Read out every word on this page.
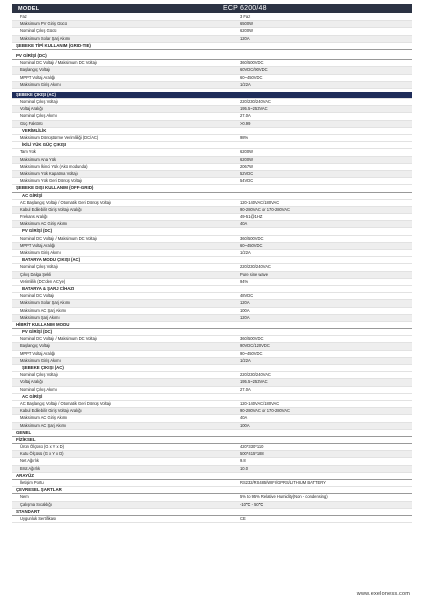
MODEL	ECP 6200/48
Faz	3 Faz
Maksimum PV Giriş Gücü	6500W
Nominal Çıkış Gücü	6200W
Maksimum Solar Şarj Akımı	120A
ŞEBEKE TİPİ KULLANIM (GRID-TIE)
PV GİRİŞİ (DC)
Nominal DC Voltajı / Maksimum DC Voltajı	360/500VDC
Başlangıç Voltajı	60VDC/90VDC
MPPT Voltaj Aralığı	60~450VDC
Maksimum Giriş Akımı	1/22A
ŞEBEKE ÇIKIŞI (AC)
Nominal Çıkış Voltajı	220/230/240VAC
Voltaj Aralığı	195.5~253VAC
Nominal Çıkış Akımı	27.0A
Güç Faktörü	>0.99
VERİMLİLİK
Maksimum Dönüştürme Verimliliği (DC/AC)	98%
İKİLİ YÜK GÜÇ ÇIKIŞI
Tam Yük	6200W
Maksimum Ana Yük	6200W
Maksimum İkinci Yük (Akü modunda)	2067W
Maksimum Yük Kapatma Voltajı	52VDC
Maksimum Yük Geri Dönüş Voltajı	54VDC
ŞEBEKE DIŞI KULLANIM (OFF-GRID)
AC GİRİŞİ
AC Başlangıç Voltajı / Otomatik Geri Dönüş Voltajı	120-140VAC/180VAC
Kabul Edilebilir Giriş Voltajı Aralığı	90-280VAC or 170-280VAC
Frekans Aralığı	49-51@1HZ
Maksimum AC Giriş Akımı	40A
PV GİRİŞİ (DC)
Nominal DC Voltajı / Maksimum DC Voltajı	360/500VDC
MPPT Voltaj Aralığı	60~450VDC
Maksimum Giriş Akımı	1/22A
BATARYA MODU ÇIKIŞI (AC)
Nominal Çıkış Voltajı	220/230/240VAC
Çıkış Dalga Şekli	Pure sine wave
Verimlilik (DC'den AC'ye)	94%
BATARYA & ŞARJ CİHAZI
Nominal DC Voltajı	48VDC
Maksimum Solar Şarj Akımı	120A
Maksimum AC Şarj Akımı	100A
Maksimum Şarj Akımı	120A
HİBRİT KULLANIM MODU
PV GİRİŞİ (DC)
Nominal DC Voltajı / Maksimum DC Voltajı	360/500VDC
Başlangıç Voltajı	90VDC/120VDC
MPPT Voltaj Aralığı	90~450VDC
Maksimum Giriş Akımı	1/22A
ŞEBEKE ÇIKIŞI (AC)
Nominal Çıkış Voltajı	220/230/240VAC
Voltaj Aralığı	195.5~253VAC
Nominal Çıkış Akımı	27.0A
AC GİRİŞİ
AC Başlangıç Voltajı / Otomatik Geri Dönüş Voltajı	120-140VAC/180VAC
Kabul Edilebilir Giriş Voltajı Aralığı	90-280VAC or 170-280VAC
Maksimum AC Giriş Akımı	40A
Maksimum AC Şarj Akımı	100A
GENEL
FİZİKSEL
Ürün Ölçüsü (G x Y x D)	420*330*110
Kutu Ölçüsü (G x Y x D)	500*415*188
Net Ağırlık	9.8
Brüt Ağırlık	10.0
ARAYÜZ
İletişim Portu	RS232/RS485/WIFI/GPRS/LITHIUM BATTERY
ÇEVRESEL ŞARTLAR
Nem	5% to 95% Relative Humidity(Non - condensing)
Çalışma Sıcaklığı	-10℃ - 50℃
STANDART
Uygunluk Sertifikası	CE
www.exeloness.com
